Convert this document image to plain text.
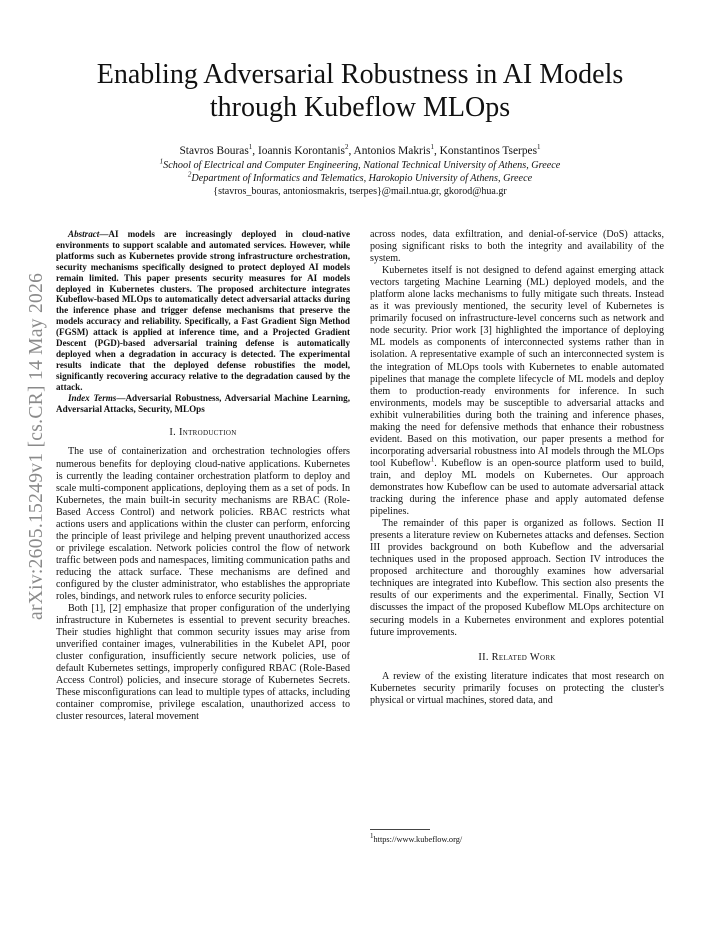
arXiv:2605.15249v1 [cs.CR] 14 May 2026
Enabling Adversarial Robustness in AI Models
through Kubeflow MLOps
Stavros Bouras$^1$, Ioannis Korontanis$^2$, Antonios Makris$^1$, Konstantinos Tserpes$^1$
$^1$School of Electrical and Computer Engineering, National Technical University of Athens, Greece
$^2$Department of Informatics and Telematics, Harokopio University of Athens, Greece
{stavros_bouras, antoniosmakris, tserpes}@mail.ntua.gr, gkorod@hua.gr

Abstract—AI models are increasingly deployed in cloud-native environments to support scalable and automated services. However, while platforms such as Kubernetes provide strong infrastructure orchestration, security mechanisms specifically designed to protect deployed AI models remain limited. This paper presents security measures for AI models deployed in Kubernetes clusters. The proposed architecture integrates Kubeflow-based MLOps to automatically detect adversarial attacks during the inference phase and trigger defense mechanisms that preserve the models accuracy and reliability. Specifically, a Fast Gradient Sign Method (FGSM) attack is applied at inference time, and a Projected Gradient Descent (PGD)-based adversarial training defense is automatically deployed when a degradation in accuracy is detected. The experimental results indicate that the deployed defense robustifies the model, significantly recovering accuracy relative to the degradation caused by the attack.

Index Terms—Adversarial Robustness, Adversarial Machine Learning, Adversarial Attacks, Security, MLOps

I. Introduction

The use of containerization and orchestration technologies offers numerous benefits for deploying cloud-native applications. Kubernetes is currently the leading container orchestration platform to deploy and scale multi-component applications, deploying them as a set of pods. In Kubernetes, the main built-in security mechanisms are RBAC (Role-Based Access Control) and network policies. RBAC restricts what actions users and applications within the cluster can perform, enforcing the principle of least privilege and helping prevent unauthorized access or privilege escalation. Network policies control the flow of network traffic between pods and namespaces, limiting communication paths and reducing the attack surface. These mechanisms are defined and configured by the cluster administrator, who establishes the appropriate roles, bindings, and network rules to enforce security policies.

Both [1], [2] emphasize that proper configuration of the underlying infrastructure in Kubernetes is essential to prevent security breaches. Their studies highlight that common security issues may arise from unverified container images, vulnerabilities in the Kubelet API, poor cluster configuration, insufficiently secure network policies, use of default Kubernetes settings, improperly configured RBAC (Role-Based Access Control) policies, and insecure storage of Kubernetes Secrets. These misconfigurations can lead to multiple types of attacks, including container compromise, privilege escalation, unauthorized access to cluster resources, lateral movement

across nodes, data exfiltration, and denial-of-service (DoS) attacks, posing significant risks to both the integrity and availability of the system.

Kubernetes itself is not designed to defend against emerging attack vectors targeting Machine Learning (ML) deployed models, and the platform alone lacks mechanisms to fully mitigate such threats. Instead as it was previously mentioned, the security level of Kubernetes is primarily focused on infrastructure-level concerns such as network and node security. Prior work [3] highlighted the importance of deploying ML models as components of interconnected systems rather than in isolation. A representative example of such an interconnected system is the integration of MLOps tools with Kubernetes to enable automated pipelines that manage the complete lifecycle of ML models and deploy them to production-ready environments for inference. In such environments, models may be susceptible to adversarial attacks and exhibit vulnerabilities during both the training and inference phases, making the need for defensive methods that enhance their robustness evident. Based on this motivation, our paper presents a method for incorporating adversarial robustness into AI models through the MLOps tool Kubeflow$^1$. Kubeflow is an open-source platform used to build, train, and deploy ML models on Kubernetes. Our approach demonstrates how Kubeflow can be used to automate adversarial attack tracking during the inference phase and apply automated defense pipelines.

The remainder of this paper is organized as follows. Section II presents a literature review on Kubernetes attacks and defenses. Section III provides background on both Kubeflow and the adversarial techniques used in the proposed approach. Section IV introduces the proposed architecture and thoroughly examines how adversarial techniques are integrated into Kubeflow. This section also presents the results of our experiments and the experimental. Finally, Section VI discusses the impact of the proposed Kubeflow MLOps architecture on securing models in a Kubernetes environment and explores potential future improvements.

II. Related Work

A review of the existing literature indicates that most research on Kubernetes security primarily focuses on protecting the cluster's physical or virtual machines, stored data, and

$^1$https://www.kubeflow.org/
